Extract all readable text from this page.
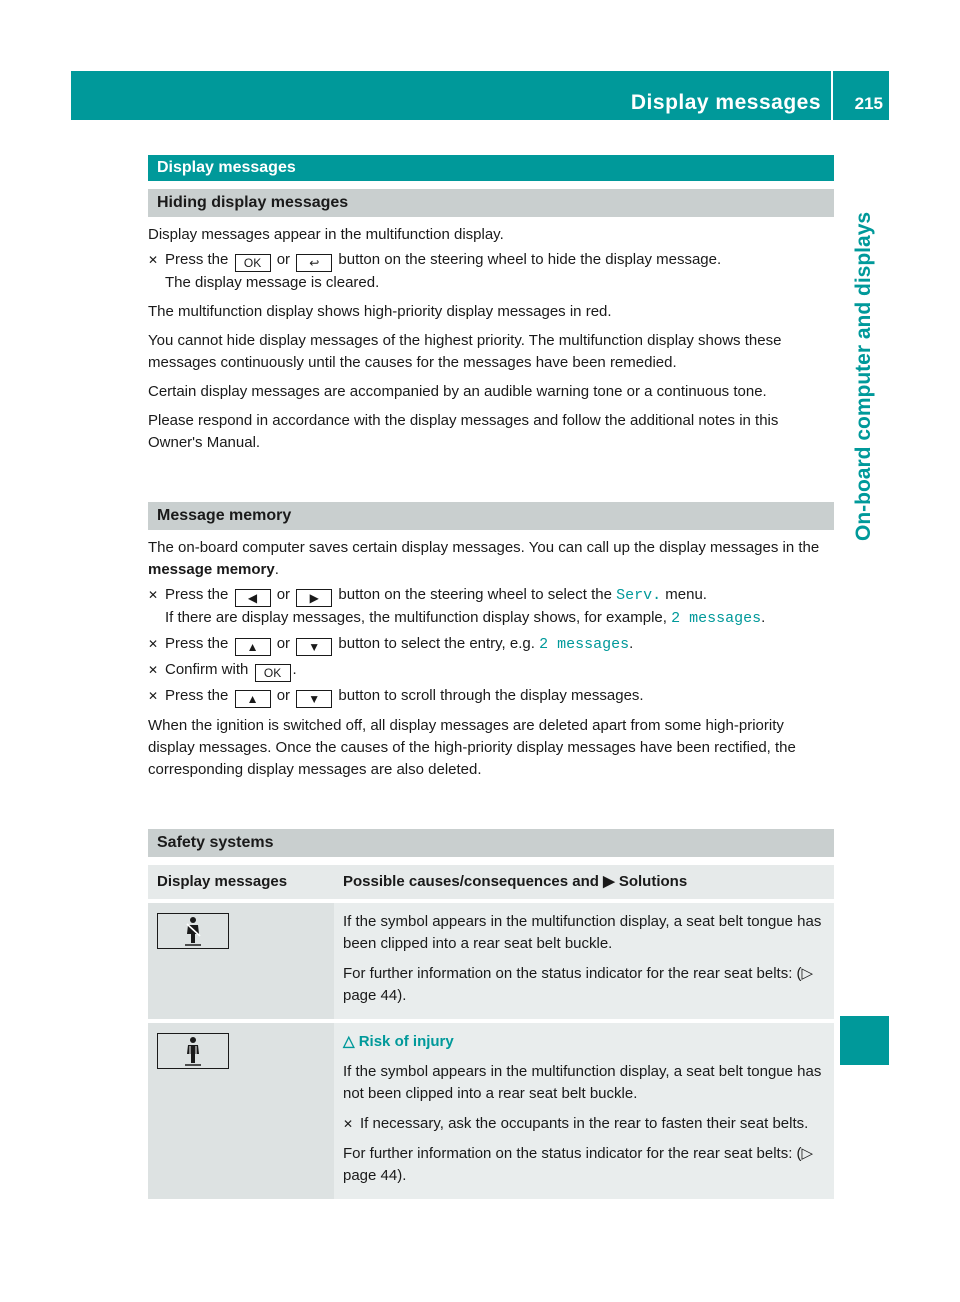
Display messages 215
On-board computer and displays
Display messages
Hiding display messages

Display messages appear in the multifunction display.

✕ Press the OK or ↩ button on the steering wheel to hide the display message.
The display message is cleared.

The multifunction display shows high-priority display messages in red.

You cannot hide display messages of the highest priority. The multifunction display shows these messages continuously until the causes for the messages have been remedied.

Certain display messages are accompanied by an audible warning tone or a continuous tone.

Please respond in accordance with the display messages and follow the additional notes in this Owner's Manual.

Message memory

The on-board computer saves certain display messages. You can call up the display messages in the message memory.

✕ Press the ◀ or ▶ button on the steering wheel to select the Serv. menu.
If there are display messages, the multifunction display shows, for example, 2 messages.
✕ Press the ▲ or ▼ button to select the entry, e.g. 2 messages.
✕ Confirm with OK .
✕ Press the ▲ or ▼ button to scroll through the display messages.

When the ignition is switched off, all display messages are deleted apart from some high-priority display messages. Once the causes of the high-priority display messages have been rectified, the corresponding display messages are also deleted.

Safety systems
Display messages	Possible causes/consequences and ▶ Solutions

If the symbol appears in the multifunction display, a seat belt tongue has been clipped into a rear seat belt buckle.

For further information on the status indicator for the rear seat belts: (▷ page 44).

△ Risk of injury

If the symbol appears in the multifunction display, a seat belt tongue has not been clipped into a rear seat belt buckle.

✕ If necessary, ask the occupants in the rear to fasten their seat belts.

For further information on the status indicator for the rear seat belts: (▷ page 44).
